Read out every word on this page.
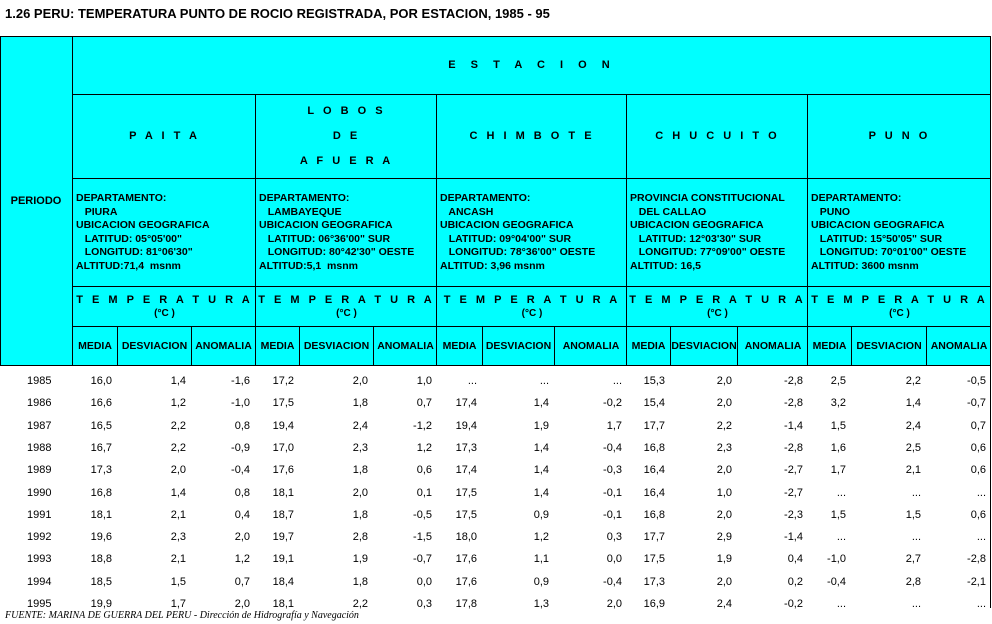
1.26 PERU: TEMPERATURA PUNTO DE ROCIO REGISTRADA, POR ESTACION, 1985 - 95
PERIODO
E S T A C I O N
P A I T A
DEPARTAMENTO:
PIURA
UBICACION GEOGRAFICA
LATITUD: 05°05'00"
LONGITUD: 81°06'30"
ALTITUD:71,4  msnm
T E M P E R A T U R A
(°C )
MEDIA DESVIACION ANOMALIA
L O B O S
D E
A F U E R A
DEPARTAMENTO:
LAMBAYEQUE
UBICACION GEOGRAFICA
LATITUD: 06°36'00" SUR
LONGITUD: 80°42'30" OESTE
ALTITUD:5,1  msnm
T E M P E R A T U R A
(°C )
MEDIA DESVIACION ANOMALIA
C H I M B O T E
DEPARTAMENTO:
ANCASH
UBICACION GEOGRAFICA
LATITUD: 09°04'00" SUR
LONGITUD: 78°36'00" OESTE
ALTITUD: 3,96 msnm
T E M P E R A T U R A
(°C )
MEDIA DESVIACION	ANOMALIA
C H U C U I T O
PROVINCIA CONSTITUCIONAL
DEL CALLAO
UBICACION GEOGRAFICA
LATITUD: 12°03'30" SUR
LONGITUD: 77°09'00" OESTE
ALTITUD: 16,5
T E M P E R A T U R A
(°C )
MEDIA DESVIACION ANOMALIA
P U N O
DEPARTAMENTO:
PUNO
UBICACION GEOGRAFICA
LATITUD: 15°50'05" SUR
LONGITUD: 70°01'00" OESTE
ALTITUD: 3600 msnm
T E M P E R A T U R A
(°C )
MEDIA DESVIACION ANOMALIA
1985	16,0	1,4	-1,6 17,2	2,0	1,0	...	...	... 15,3	2,0	-2,8	2,5	2,2	-0,5
1986	16,6	1,2	-1,0 17,5	1,8	0,7 17,4	1,4	-0,2 15,4	2,0	-2,8	3,2	1,4	-0,7
1987	16,5	2,2	0,8 19,4	2,4	-1,2 19,4	1,9	1,7 17,7	2,2	-1,4	1,5	2,4	0,7
1988	16,7	2,2	-0,9 17,0	2,3	1,2 17,3	1,4	-0,4 16,8	2,3	-2,8	1,6	2,5	0,6
1989	17,3	2,0	-0,4 17,6	1,8	0,6 17,4	1,4	-0,3 16,4	2,0	-2,7	1,7	2,1	0,6
1990	16,8	1,4	0,8 18,1	2,0	0,1 17,5	1,4	-0,1 16,4	1,0	-2,7	...	...	...
1991	18,1	2,1	0,4 18,7	1,8	-0,5 17,5	0,9	-0,1 16,8	2,0	-2,3	1,5	1,5	0,6
1992	19,6	2,3	2,0 19,7	2,8	-1,5 18,0	1,2	0,3 17,7	2,9	-1,4	...	...	...
1993	18,8	2,1	1,2 19,1	1,9	-0,7 17,6	1,1	0,0 17,5	1,9	0,4 -1,0	2,7	-2,8
1994	18,5	1,5	0,7 18,4	1,8	0,0 17,6	0,9	-0,4 17,3	2,0	0,2 -0,4	2,8	-2,1
1995	19,9	1,7	2,0 18,1	2,2	0,3 17,8	1,3	2,0 16,9	2,4	-0,2	...	...	...
FUENTE: MARINA DE GUERRA DEL PERU - Dirección de Hidrografía y Navegación
